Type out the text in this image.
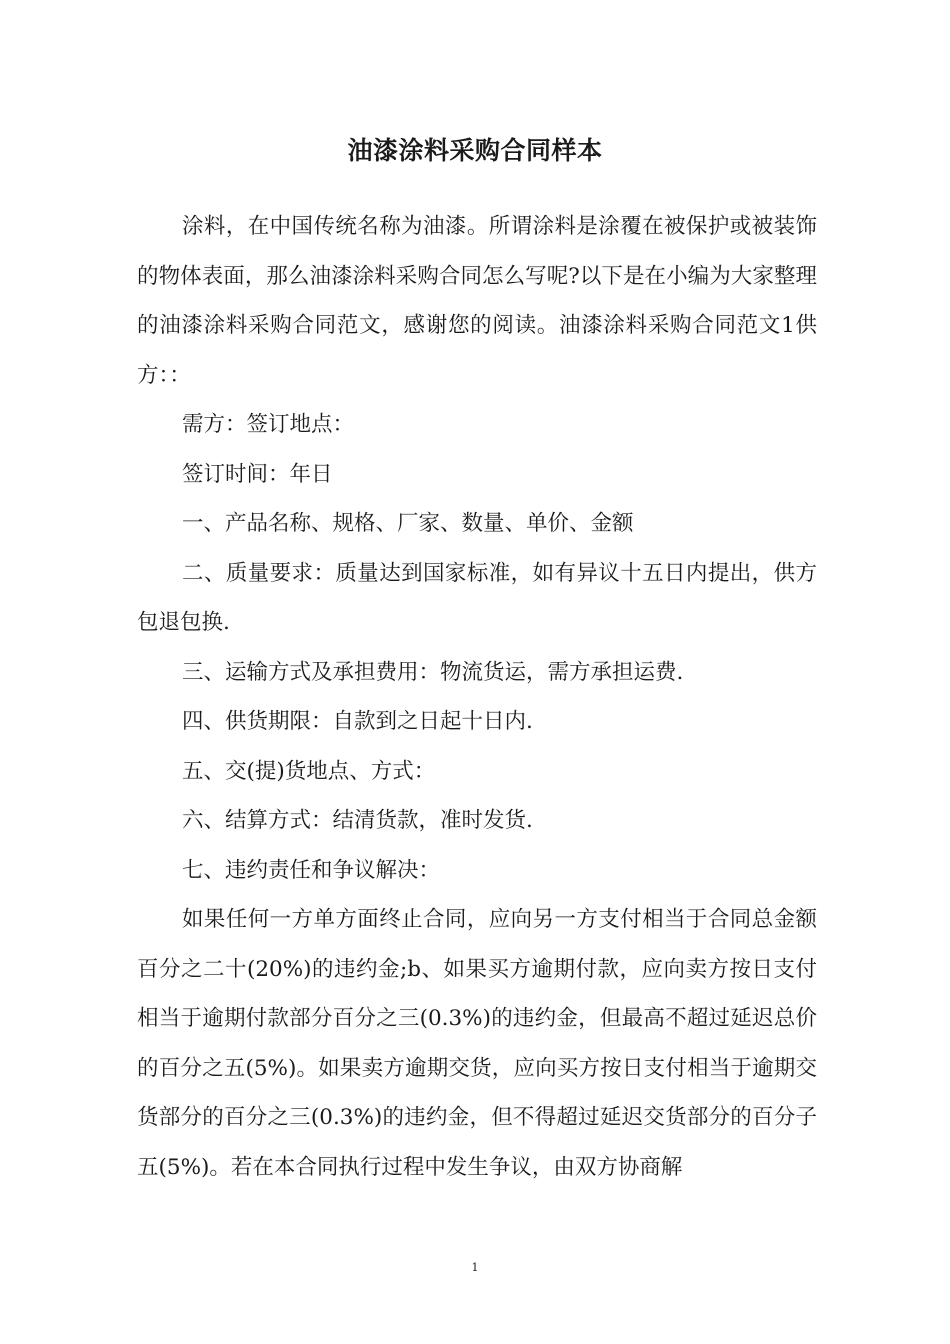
油漆涂料采购合同样本

涂料，在中国传统名称为油漆。所谓涂料是涂覆在被保护或被装饰的物体表面，那么油漆涂料采购合同怎么写呢?以下是在小编为大家整理的油漆涂料采购合同范文，感谢您的阅读。油漆涂料采购合同范文1供方：：

需方：签订地点：

签订时间：年日

一、产品名称、规格、厂家、数量、单价、金额

二、质量要求：质量达到国家标准，如有异议十五日内提出，供方包退包换.

三、运输方式及承担费用：物流货运，需方承担运费.

四、供货期限：自款到之日起十日内.

五、交(提)货地点、方式：

六、结算方式：结清货款，准时发货.

七、违约责任和争议解决：

如果任何一方单方面终止合同，应向另一方支付相当于合同总金额百分之二十(20%)的违约金;b、如果买方逾期付款，应向卖方按日支付相当于逾期付款部分百分之三(0.3%)的违约金，但最高不超过延迟总价的百分之五(5%)。如果卖方逾期交货，应向买方按日支付相当于逾期交货部分的百分之三(0.3%)的违约金，但不得超过延迟交货部分的百分子五(5%)。若在本合同执行过程中发生争议，由双方协商解

1
